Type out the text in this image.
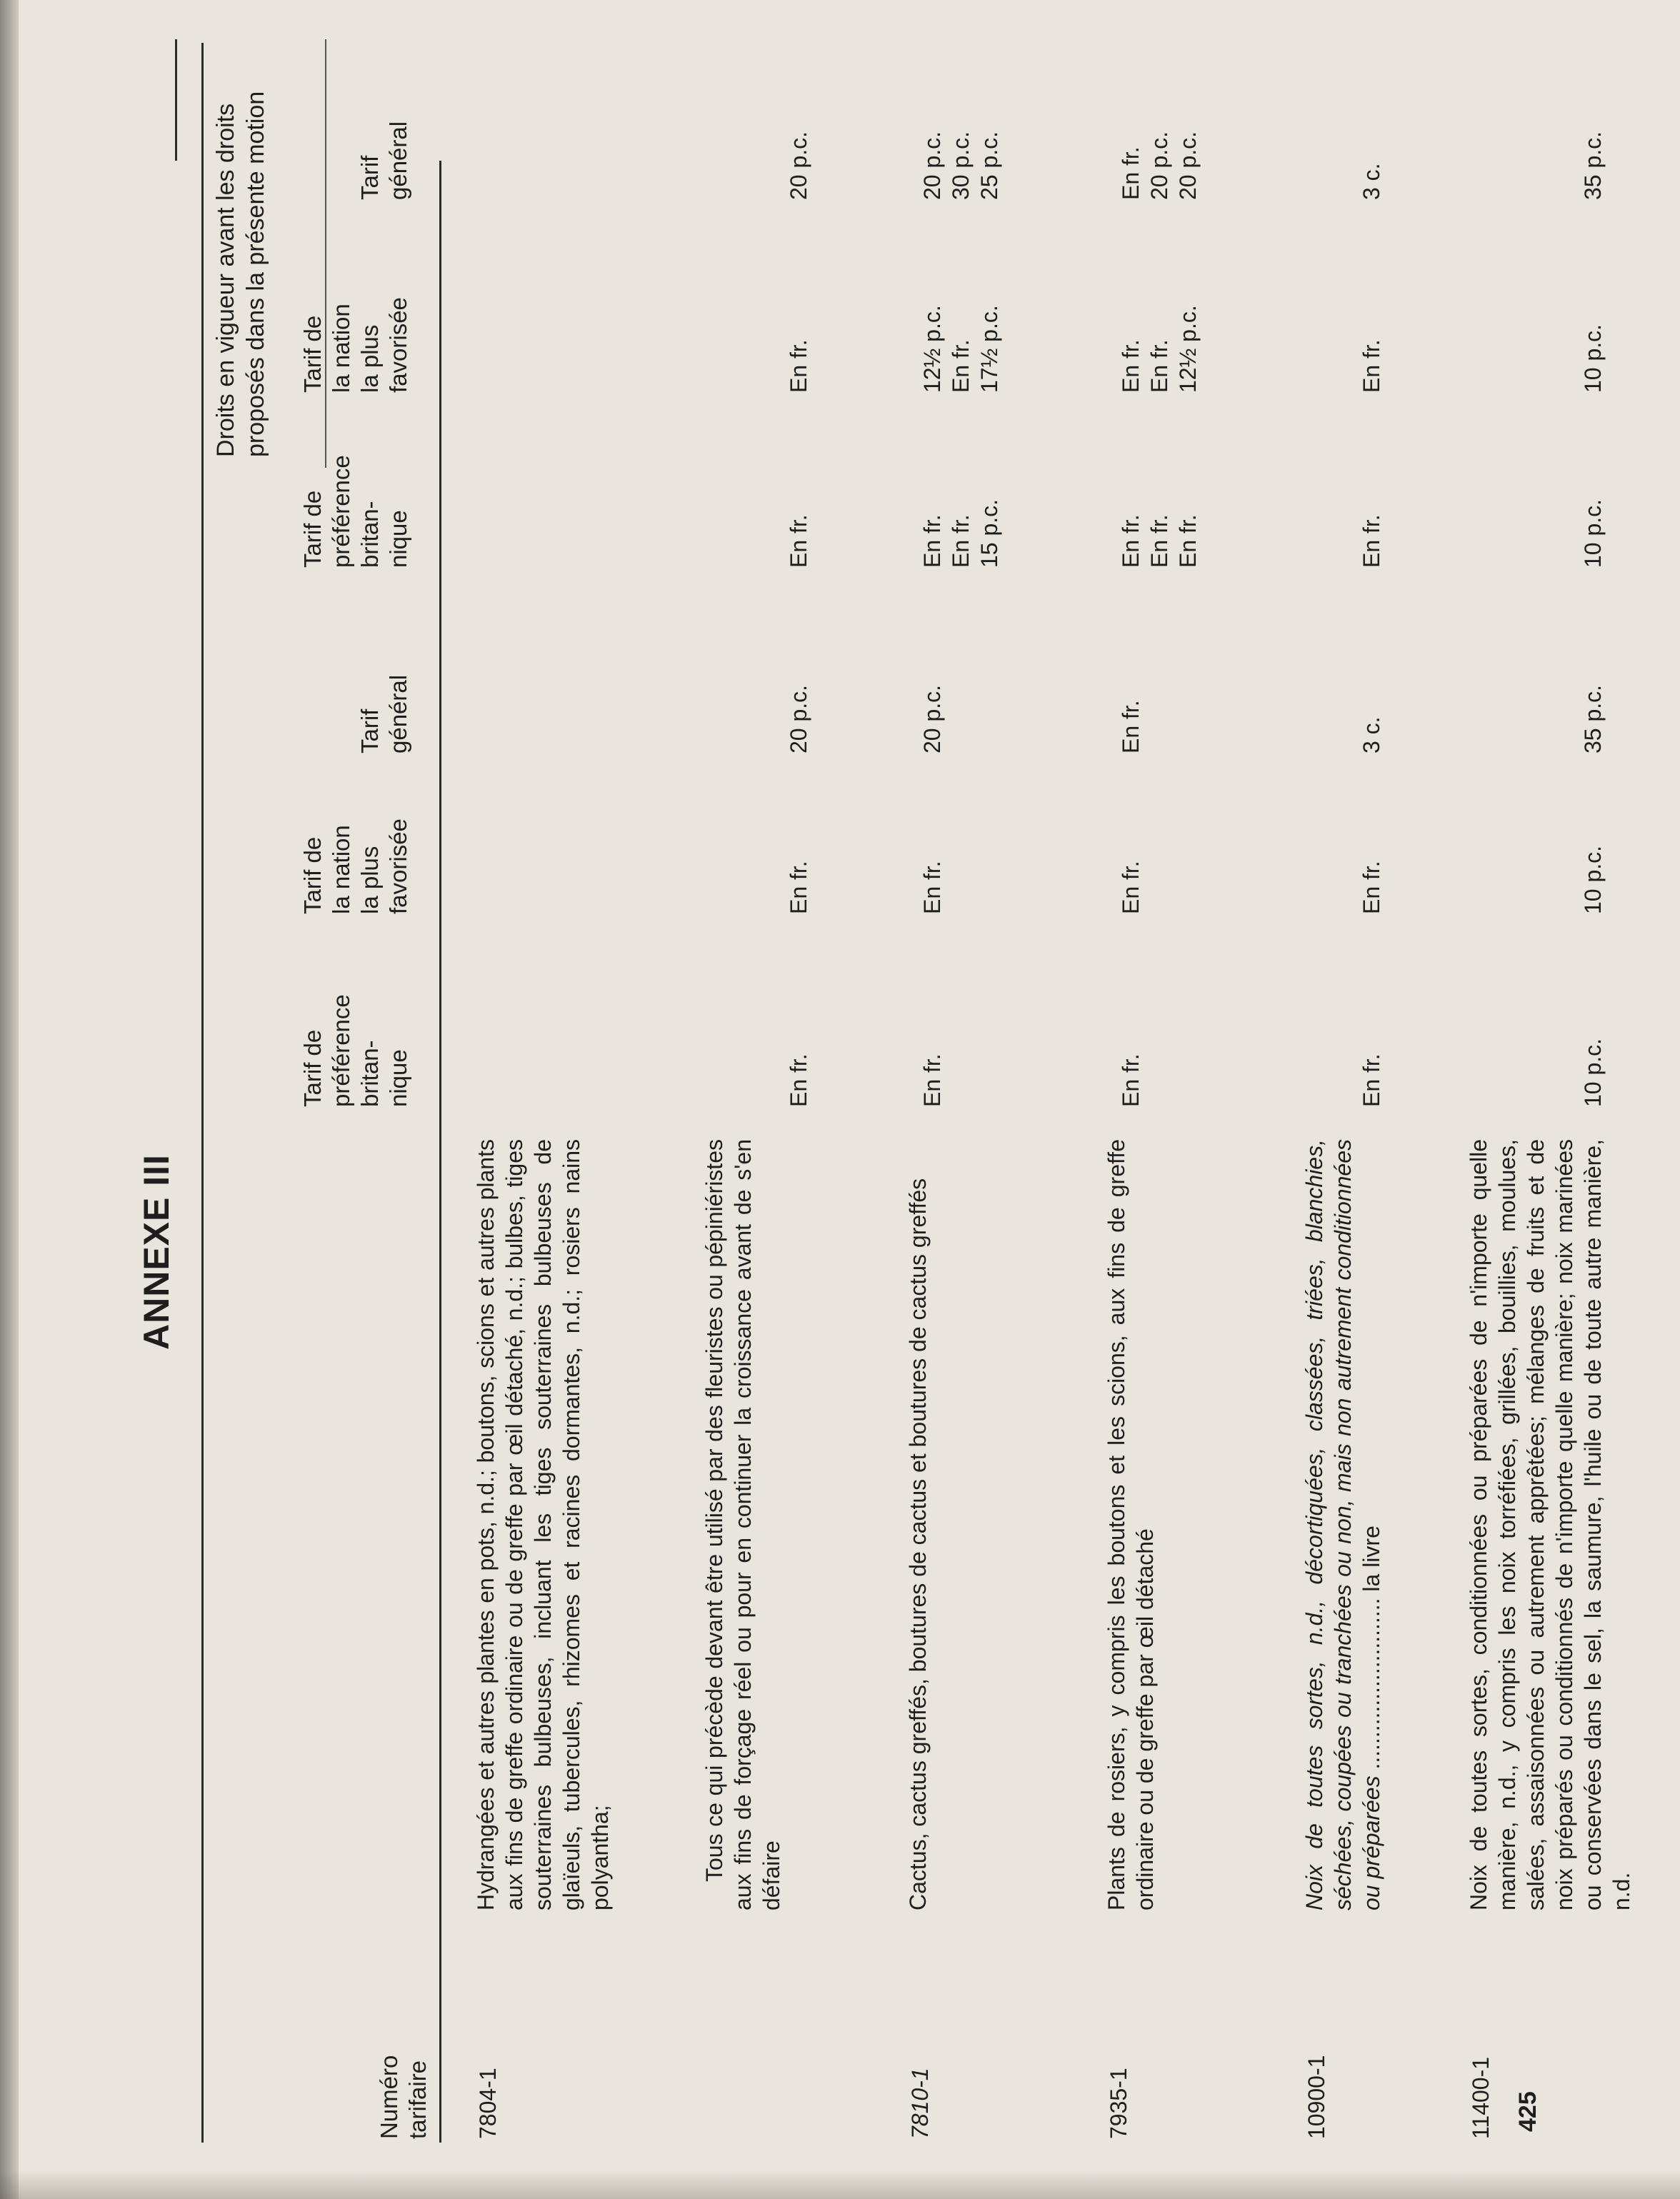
ANNEXE III
Numéro tarifaire
Droits en vigueur avant les droits proposés dans la présente motion
Tarif de préférence britan- nique
Tarif de la nation la plus favorisée
Tarif général
Tarif de préférence britan- nique
Tarif de la nation la plus favorisée
Tarif général
7804-1

Hydrangées et autres plantes en pots, n.d.; boutons, scions et autres plants aux fins de greffe ordinaire ou de greffe par œil détaché, n.d.; bulbes, tiges souterraines bulbeuses, incluant les tiges souterraines bulbeuses de glaïeuls, tubercules, rhizomes et racines dormantes, n.d.; rosiers nains polyantha;	Tous ce qui précède devant être utilisé par des fleuristes ou pépiniéristes aux fins de forçage réel ou pour en continuer la croissance avant de s'en défaire

En fr.
En fr.
20 p.c.
En fr.
En fr.
20 p.c.
7810-1

Cactus, cactus greffés, boutures de cactus et boutures de cactus greffés

En fr.
En fr.
20 p.c.
En fr. En fr. 15 p.c.
12½ p.c. En fr. 17½ p.c.
20 p.c. 30 p.c. 25 p.c.
7935-1

Plants de rosiers, y compris les boutons et les scions, aux fins de greffe ordinaire ou de greffe par œil détaché

En fr.
En fr.
En fr.
En fr. En fr. En fr.
En fr. En fr. 12½ p.c.
En fr. 20 p.c. 20 p.c.
10900-1

Noix de toutes sortes, n.d., décortiquées, classées, triées, blanchies, séchées, coupées ou tranchées ou non, mais non autrement conditionnées ou préparées ........................... la livre

En fr.
En fr.
3 c.
En fr.
En fr.
3 c.
11400-1

Noix de toutes sortes, conditionnées ou préparées de n'importe quelle manière, n.d., y compris les noix torréfiées, grillées, bouillies, moulues, salées, assaisonnées ou autrement apprêtées; mélanges de fruits et de noix préparés ou conditionnés de n'importe quelle manière; noix marinées ou conservées dans le sel, la saumure, l'huile ou de toute autre manière, n.d.

10 p.c.
10 p.c.
35 p.c.
10 p.c.
10 p.c.
35 p.c.
425
